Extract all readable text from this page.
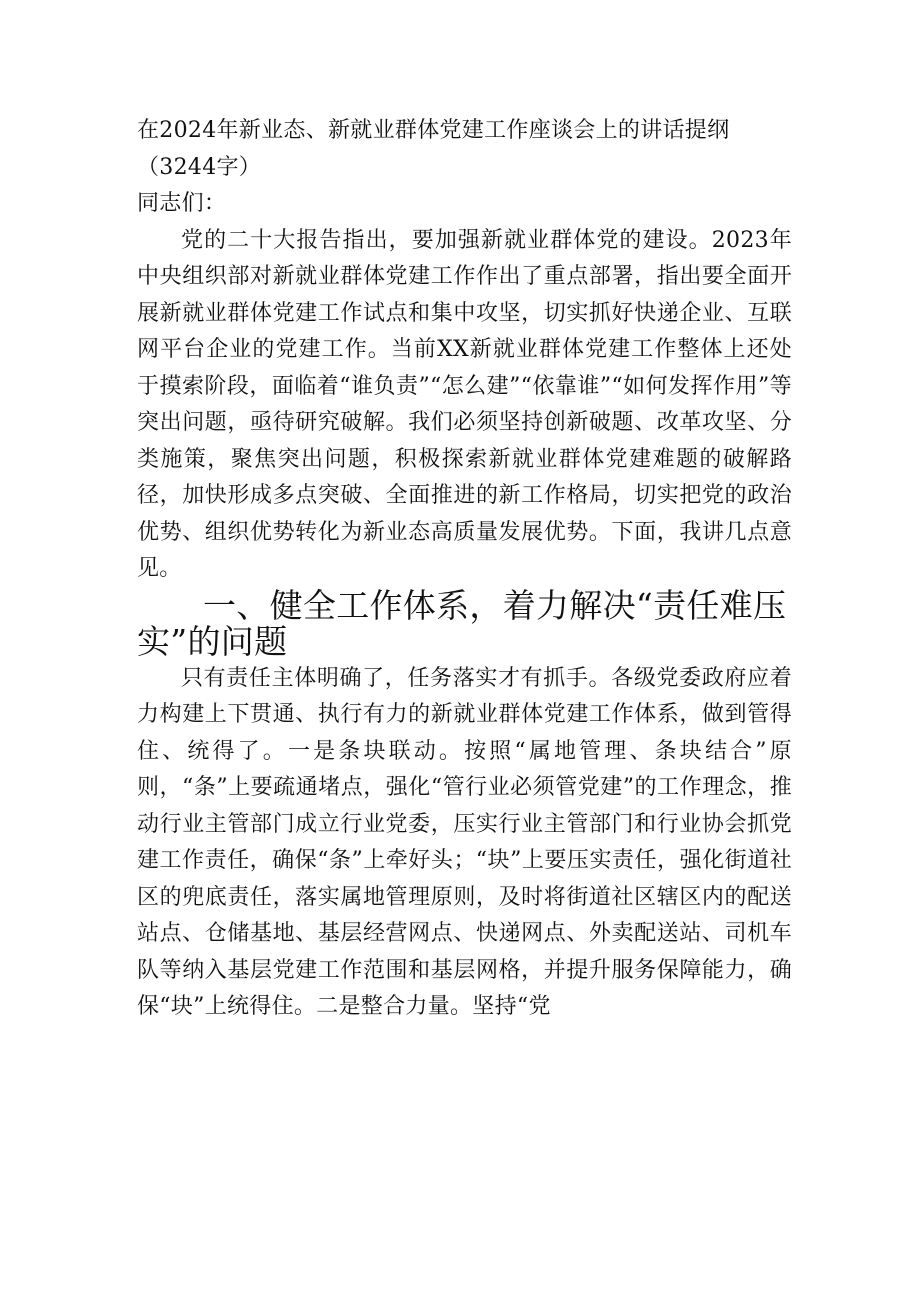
在2024年新业态、新就业群体党建工作座谈会上的讲话提纲（3244字）

同志们：

党的二十大报告指出，要加强新就业群体党的建设。2023年中央组织部对新就业群体党建工作作出了重点部署，指出要全面开展新就业群体党建工作试点和集中攻坚，切实抓好快递企业、互联网平台企业的党建工作。当前XX新就业群体党建工作整体上还处于摸索阶段，面临着“谁负责”“怎么建”“依靠谁”“如何发挥作用”等突出问题，亟待研究破解。我们必须坚持创新破题、改革攻坚、分类施策，聚焦突出问题，积极探索新就业群体党建难题的破解路径，加快形成多点突破、全面推进的新工作格局，切实把党的政治优势、组织优势转化为新业态高质量发展优势。下面，我讲几点意见。

一、健全工作体系，着力解决“责任难压实”的问题

只有责任主体明确了，任务落实才有抓手。各级党委政府应着力构建上下贯通、执行有力的新就业群体党建工作体系，做到管得住、统得了。一是条块联动。按照“属地管理、条块结合”原则，“条”上要疏通堵点，强化“管行业必须管党建”的工作理念，推动行业主管部门成立行业党委，压实行业主管部门和行业协会抓党建工作责任，确保“条”上牵好头；“块”上要压实责任，强化街道社区的兜底责任，落实属地管理原则，及时将街道社区辖区内的配送站点、仓储基地、基层经营网点、快递网点、外卖配送站、司机车队等纳入基层党建工作范围和基层网格，并提升服务保障能力，确保“块”上统得住。二是整合力量。坚持“党
